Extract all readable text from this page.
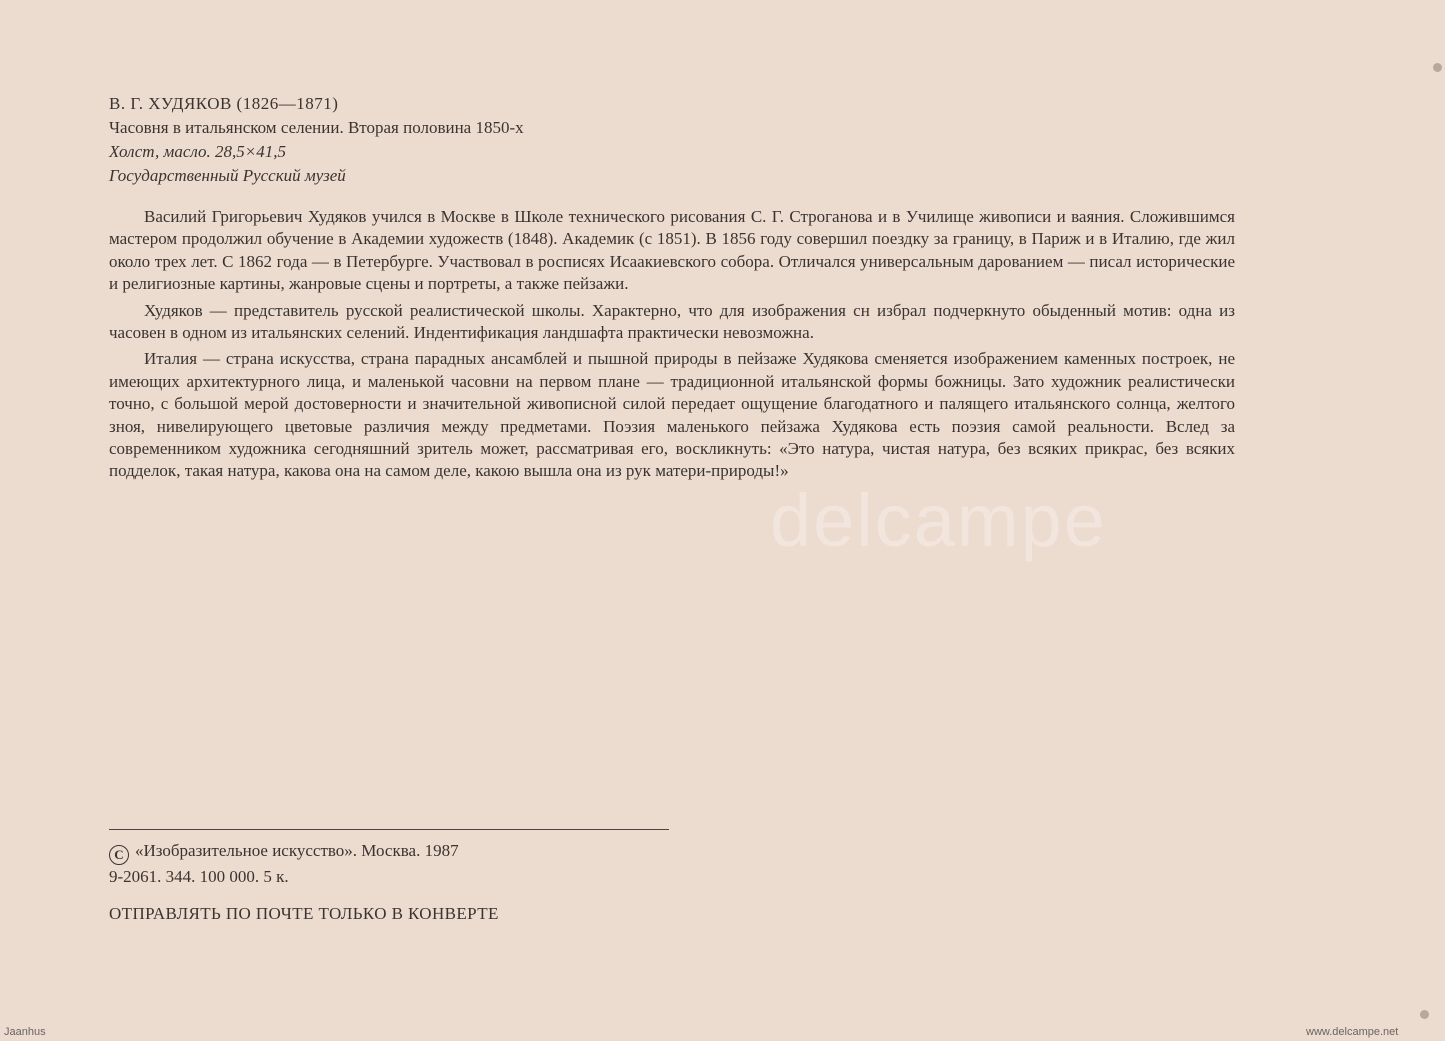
В. Г. ХУДЯКОВ (1826—1871)
Часовня в итальянском селении. Вторая половина 1850-х
Холст, масло. 28,5×41,5
Государственный Русский музей

Василий Григорьевич Худяков учился в Москве в Школе технического рисования С. Г. Строганова и в Училище живописи и ваяния. Сложившимся мастером продолжил обучение в Академии художеств (1848). Академик (с 1851). В 1856 году совершил поездку за границу, в Париж и в Италию, где жил около трех лет. С 1862 года — в Петербурге. Участвовал в росписях Исаакиевского собора. Отличался универсальным дарованием — писал исторические и религиозные картины, жанровые сцены и портреты, а также пейзажи.

Худяков — представитель русской реалистической школы. Характерно, что для изображения сн избрал подчеркнуто обыденный мотив: одна из часовен в одном из итальянских селений. Индентификация ландшафта практически невозможна.

Италия — страна искусства, страна парадных ансамблей и пышной природы в пейзаже Худякова сменяется изображением каменных построек, не имеющих архитектурного лица, и маленькой часовни на первом плане — традиционной итальянской формы божницы. Зато художник реалистически точно, с большой мерой достоверности и значительной живописной силой передает ощущение благодатного и палящего итальянского солнца, желтого зноя, нивелирующего цветовые различия между предметами. Поэзия маленького пейзажа Худякова есть поэзия самой реальности. Вслед за современником художника сегодняшний зритель может, рассматривая его, воскликнуть: «Это натура, чистая натура, без всяких прикрас, без всяких подделок, такая натура, какова она на самом деле, какою вышла она из рук матери-природы!»

delcampe
C «Изобразительное искусство». Москва. 1987
9-2061. 344. 100 000. 5 к.
ОТПРАВЛЯТЬ ПО ПОЧТЕ ТОЛЬКО В КОНВЕРТЕ
Jaanhus	www.delcampe.net
